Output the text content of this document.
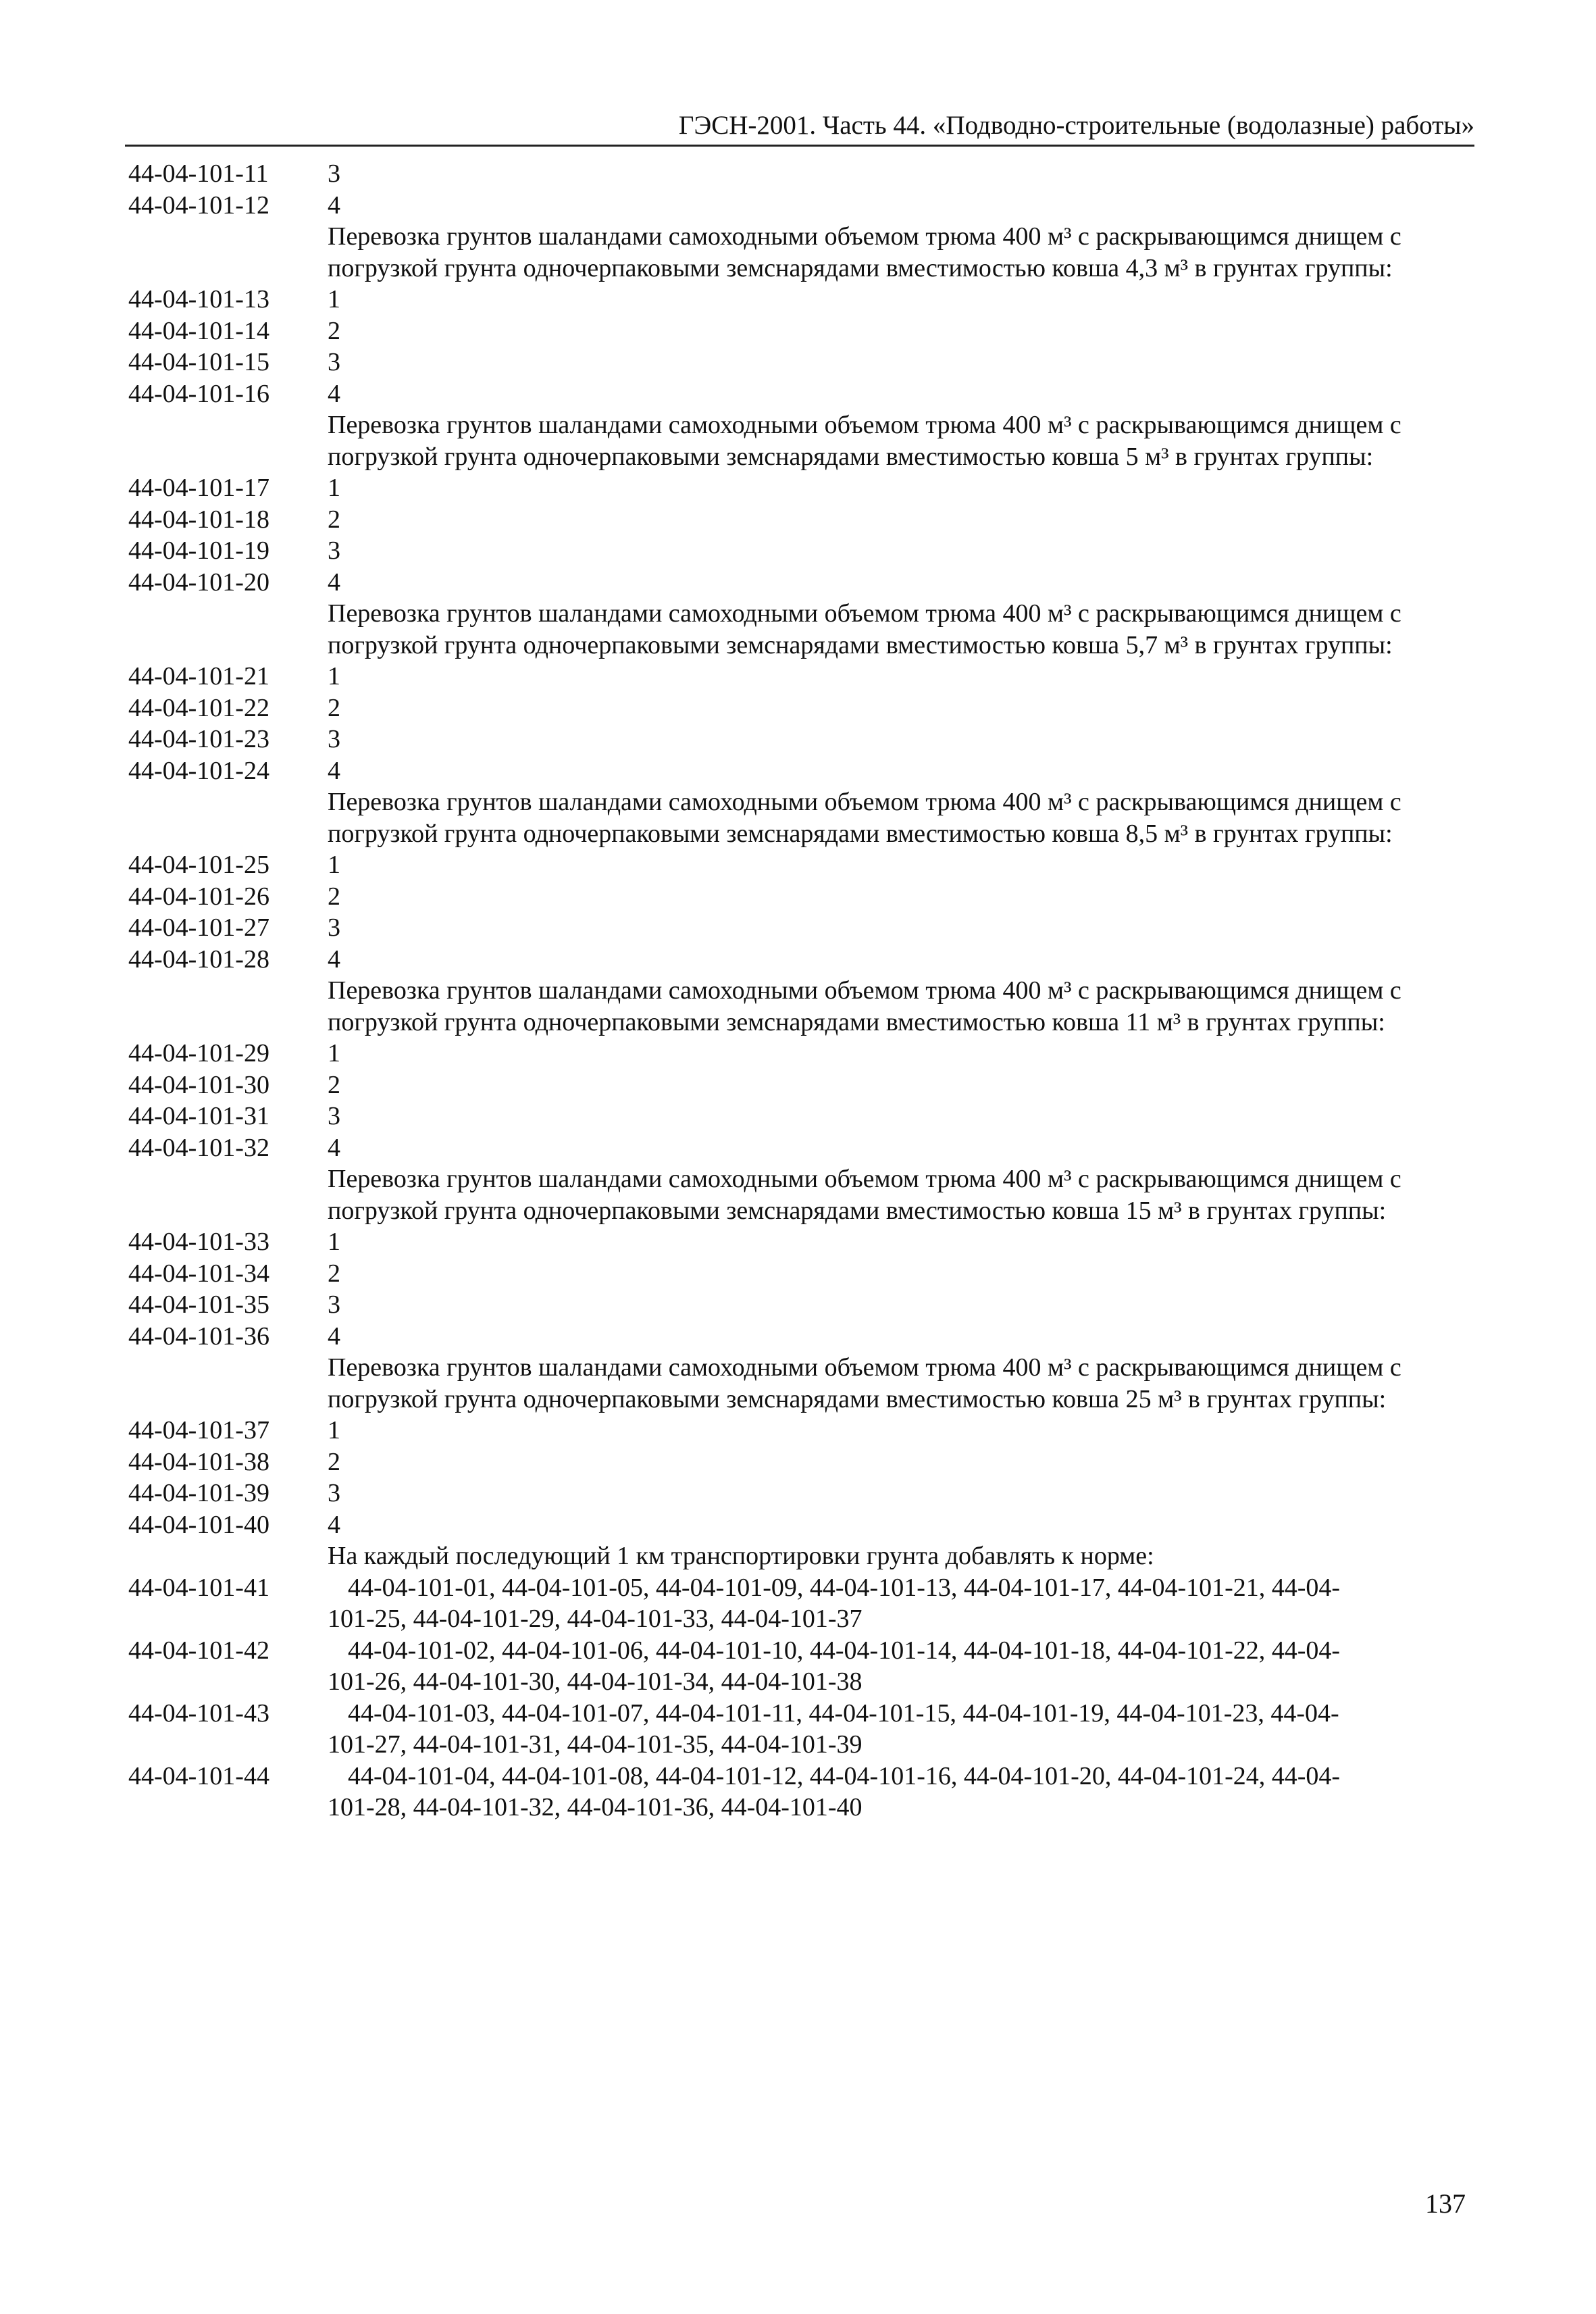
ГЭСН-2001. Часть 44. «Подводно-строительные (водолазные) работы»
44-04-101-11	3
44-04-101-12	4
Перевозка грунтов шаландами самоходными объемом трюма 400 м³ с раскрывающимся днищем с погрузкой грунта одночерпаковыми земснарядами вместимостью ковша 4,3 м³ в грунтах группы:
44-04-101-13	1
44-04-101-14	2
44-04-101-15	3
44-04-101-16	4
Перевозка грунтов шаландами самоходными объемом трюма 400 м³ с раскрывающимся днищем с погрузкой грунта одночерпаковыми земснарядами вместимостью ковша 5 м³ в грунтах группы:
44-04-101-17	1
44-04-101-18	2
44-04-101-19	3
44-04-101-20	4
Перевозка грунтов шаландами самоходными объемом трюма 400 м³ с раскрывающимся днищем с погрузкой грунта одночерпаковыми земснарядами вместимостью ковша 5,7 м³ в грунтах группы:
44-04-101-21	1
44-04-101-22	2
44-04-101-23	3
44-04-101-24	4
Перевозка грунтов шаландами самоходными объемом трюма 400 м³ с раскрывающимся днищем с погрузкой грунта одночерпаковыми земснарядами вместимостью ковша 8,5 м³ в грунтах группы:
44-04-101-25	1
44-04-101-26	2
44-04-101-27	3
44-04-101-28	4
Перевозка грунтов шаландами самоходными объемом трюма 400 м³ с раскрывающимся днищем с погрузкой грунта одночерпаковыми земснарядами вместимостью ковша 11 м³ в грунтах группы:
44-04-101-29	1
44-04-101-30	2
44-04-101-31	3
44-04-101-32	4
Перевозка грунтов шаландами самоходными объемом трюма 400 м³ с раскрывающимся днищем с погрузкой грунта одночерпаковыми земснарядами вместимостью ковша 15 м³ в грунтах группы:
44-04-101-33	1
44-04-101-34	2
44-04-101-35	3
44-04-101-36	4
Перевозка грунтов шаландами самоходными объемом трюма 400 м³ с раскрывающимся днищем с погрузкой грунта одночерпаковыми земснарядами вместимостью ковша 25 м³ в грунтах группы:
44-04-101-37	1
44-04-101-38	2
44-04-101-39	3
44-04-101-40	4
На каждый последующий 1 км транспортировки грунта добавлять к норме:
44-04-101-41	44-04-101-01, 44-04-101-05, 44-04-101-09, 44-04-101-13, 44-04-101-17, 44-04-101-21, 44-04-
101-25, 44-04-101-29, 44-04-101-33, 44-04-101-37
44-04-101-42	44-04-101-02, 44-04-101-06, 44-04-101-10, 44-04-101-14, 44-04-101-18, 44-04-101-22, 44-04-
101-26, 44-04-101-30, 44-04-101-34, 44-04-101-38
44-04-101-43	44-04-101-03, 44-04-101-07, 44-04-101-11, 44-04-101-15, 44-04-101-19, 44-04-101-23, 44-04-
101-27, 44-04-101-31, 44-04-101-35, 44-04-101-39
44-04-101-44	44-04-101-04, 44-04-101-08, 44-04-101-12, 44-04-101-16, 44-04-101-20, 44-04-101-24, 44-04-
101-28, 44-04-101-32, 44-04-101-36, 44-04-101-40
137
